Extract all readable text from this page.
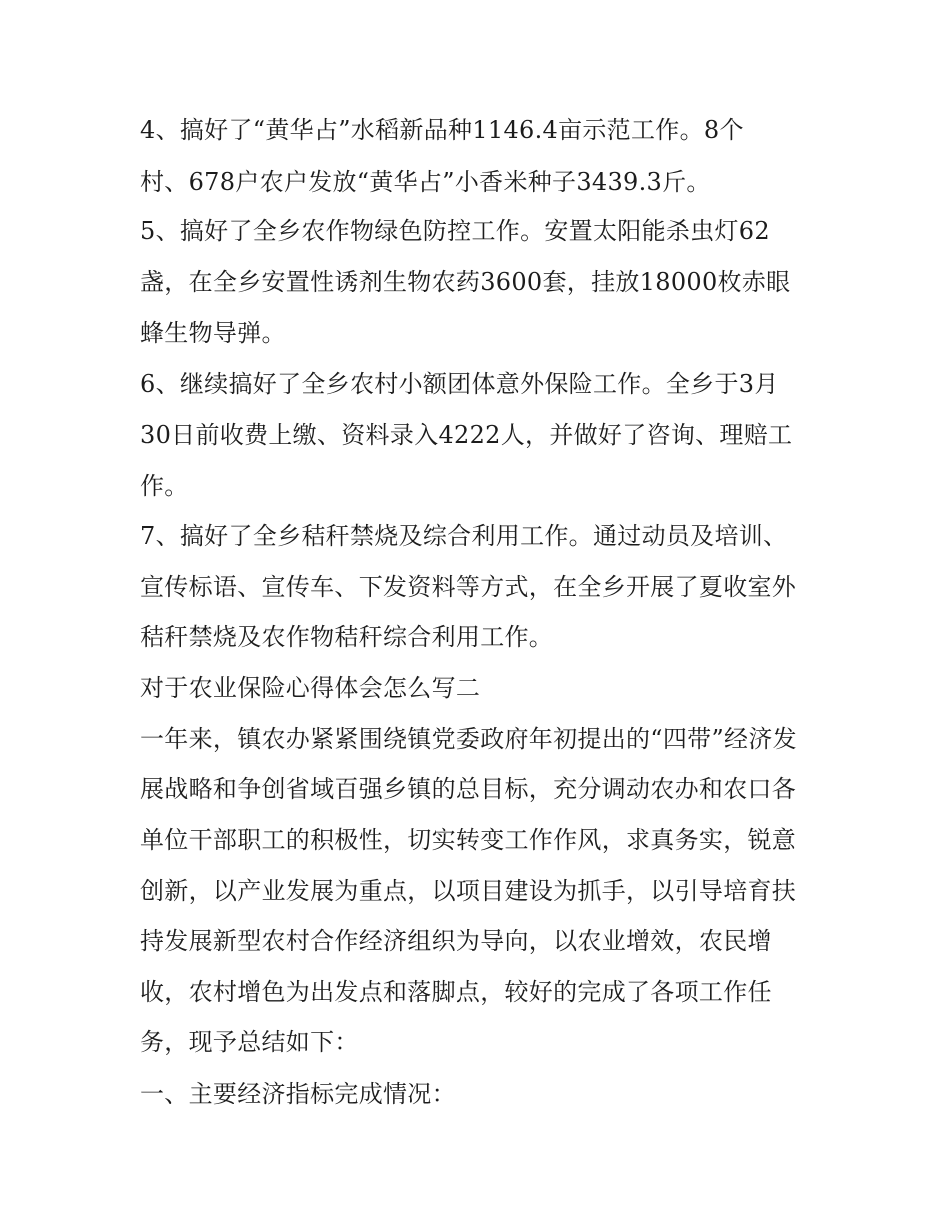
4、搞好了“黄华占”水稻新品种1146.4亩示范工作。8个
村、678户农户发放“黄华占”小香米种子3439.3斤。
5、搞好了全乡农作物绿色防控工作。安置太阳能杀虫灯62
盏，在全乡安置性诱剂生物农药3600套，挂放18000枚赤眼
蜂生物导弹。
6、继续搞好了全乡农村小额团体意外保险工作。全乡于3月
30日前收费上缴、资料录入4222人，并做好了咨询、理赔工
作。
7、搞好了全乡秸秆禁烧及综合利用工作。通过动员及培训、
宣传标语、宣传车、下发资料等方式，在全乡开展了夏收室外
秸秆禁烧及农作物秸秆综合利用工作。
对于农业保险心得体会怎么写二
一年来，镇农办紧紧围绕镇党委政府年初提出的“四带”经济发
展战略和争创省域百强乡镇的总目标，充分调动农办和农口各
单位干部职工的积极性，切实转变工作作风，求真务实，锐意
创新，以产业发展为重点，以项目建设为抓手，以引导培育扶
持发展新型农村合作经济组织为导向，以农业增效，农民增
收，农村增色为出发点和落脚点，较好的完成了各项工作任
务，现予总结如下：
一、主要经济指标完成情况：
